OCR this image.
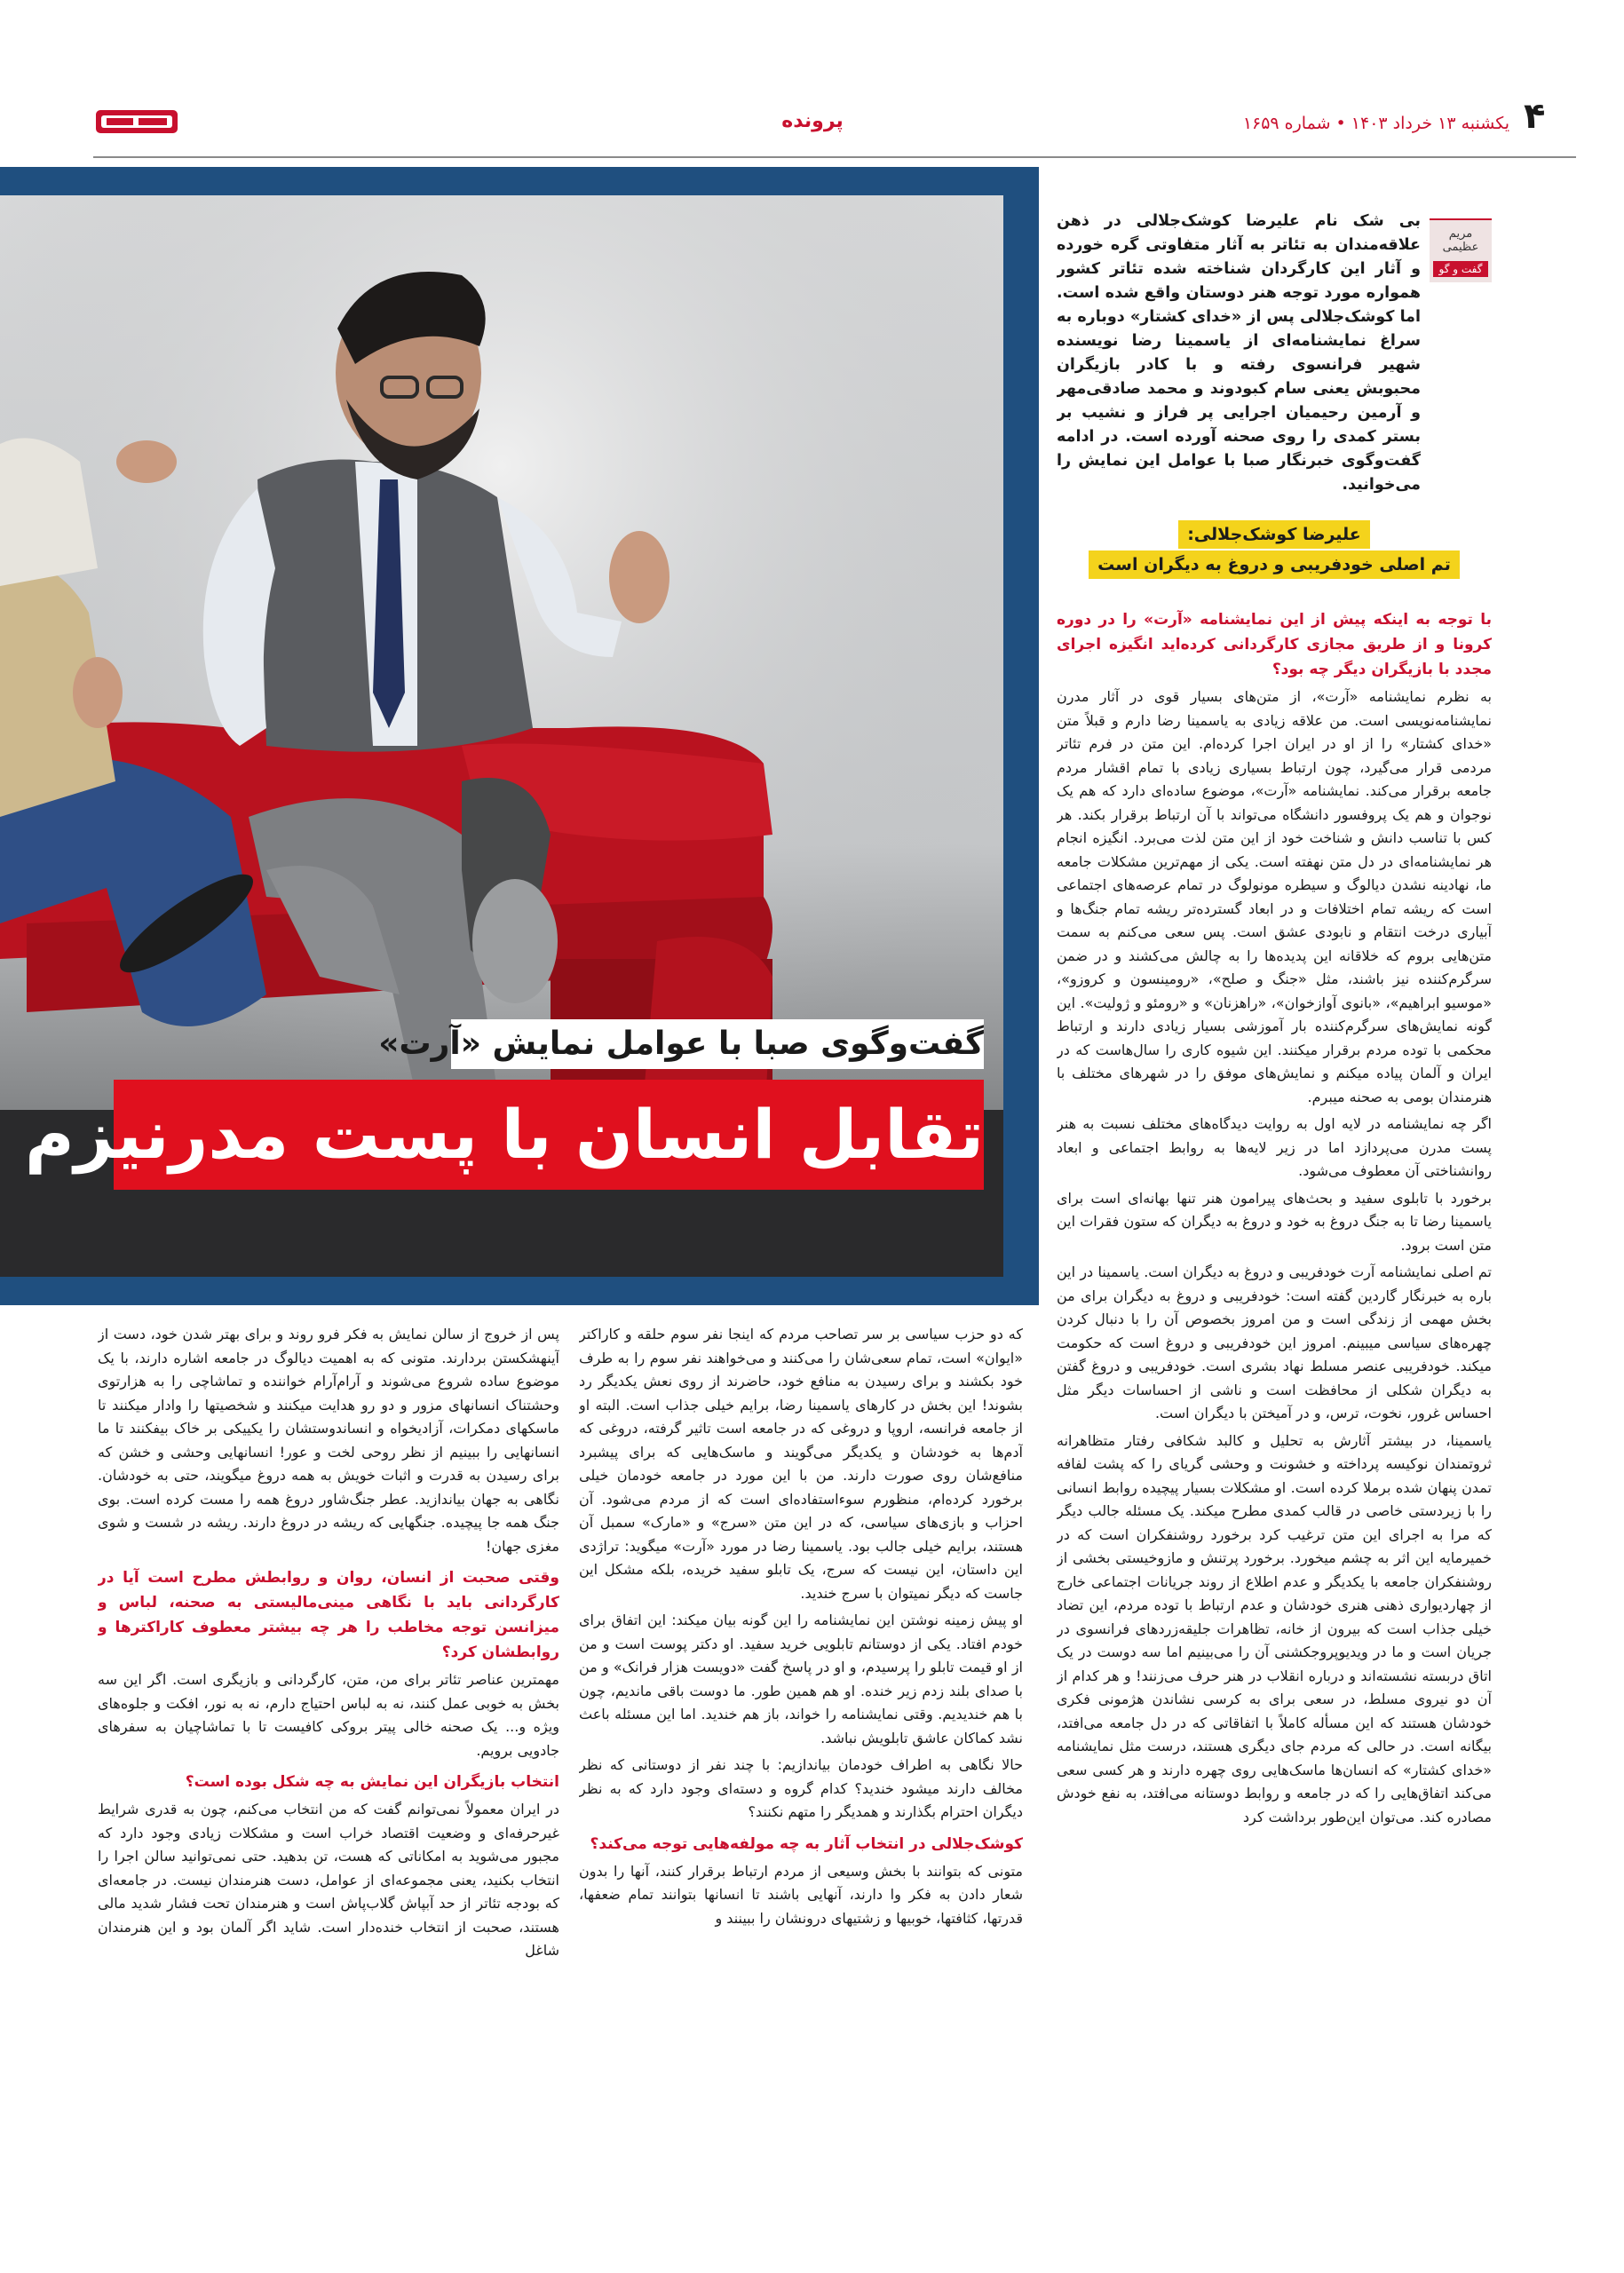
۴
یکشنبه ۱۳ خرداد ۱۴۰۳ • شماره ۱۶۵۹
پرونده
گفت‌وگوی صبا با عوامل نمایش «آرت»
تقابل انسان با پست مدرنیزم
مریم عظیمی
گفت و گو
بی شک نام علیرضا کوشک‌جلالی در ذهن علاقه‌مندان به تئاتر به آثار متفاوتی گره خورده و آثار این کارگردان شناخته شده تئاتر کشور همواره مورد توجه هنر دوستان واقع شده است. اما کوشک‌جلالی پس از «خدای کشتار» دوباره به سراغ نمایشنامه‌ای از یاسمینا رضا نویسنده شهیر فرانسوی رفته و با کادر بازیگران محبوبش یعنی سام کبودوند و محمد صادقی‌مهر و آرمین رحیمیان اجرایی پر فراز و نشیب بر بستر کمدی را روی صحنه آورده است. در ادامه گفت‌وگوی خبرنگار صبا با عوامل این نمایش را می‌خوانید.
علیرضا کوشک‌جلالی:
تم اصلی خودفریبی و دروغ به دیگران است
با توجه به اینکه پیش از این نمایشنامه «آرت» را در دوره کرونا و از طریق مجازی کارگردانی کرده‌اید انگیزه اجرای مجدد با بازیگران دیگر چه بود؟

به نظرم نمایشنامه «آرت»، از متن‌های بسیار قوی در آثار مدرن نمایشنامه‌نویسی است. من علاقه زیادی به یاسمینا رضا دارم و قبلاً متن «خدای کشتار» را از او در ایران اجرا کرده‌ام. این متن در فرم تئاتر مردمی قرار می‌گیرد، چون ارتباط بسیاری زیادی با تمام اقشار مردم جامعه برقرار می‌کند. نمایشنامه «آرت»، موضوع ساده‌ای دارد که هم یک نوجوان و هم یک پروفسور دانشگاه می‌تواند با آن ارتباط برقرار بکند. هر کس با تناسب دانش و شناخت خود از این متن لذت می‌برد. انگیزه انجام هر نمایشنامه‌ای در دل متن نهفته است. یکی از مهم‌ترین مشکلات جامعه ما، نهادینه نشدن دیالوگ و سیطره مونولوگ در تمام عرصه‌های اجتماعی است که ریشه تمام اختلافات و در ابعاد گسترده‌تر ریشه تمام جنگ‌ها و آبیاری درخت انتقام و نابودی عشق است. پس سعی می‌کنم به سمت متن‌هایی بروم که خلاقانه این پدیده‌ها را به چالش می‌کشند و در ضمن سرگرم‌کننده نیز باشند، مثل «جنگ و صلح»، «رومینسون و کروزو»، «موسیو ابراهیم»، «بانوی آوازخوان»، «راهزنان» و «رومئو و ژولیت». این گونه نمایش‌های سرگرم‌کننده بار آموزشی بسیار زیادی دارند و ارتباط محکمی با توده مردم برقرار میکنند. این شیوه کاری را سال‌هاست که در ایران و آلمان پیاده میکنم و نمایش‌های موفق را در شهرهای مختلف با هنرمندان بومی به صحنه میبرم.

اگر چه نمایشنامه در لایه اول به روایت دیدگاه‌های مختلف نسبت به هنر پست مدرن می‌پردازد اما در زیر لایه‌ها به روابط اجتماعی و ابعاد روانشناختی آن معطوف می‌شود.

برخورد با تابلوی سفید و بحث‌های پیرامون هنر تنها بهانه‌ای است برای یاسمینا رضا تا به جنگ دروغ به خود و دروغ به دیگران که ستون فقرات این متن است برود.

تم اصلی نمایشنامه آرت خودفریبی و دروغ به دیگران است. یاسمینا در این باره به خبرنگار گاردین گفته است: خودفریبی و دروغ به دیگران برای من بخش مهمی از زندگی است و من امروز بخصوص آن را با دنبال کردن چهره‌های سیاسی میبینم. امروز این خودفریبی و دروغ است که حکومت میکند. خودفریبی عنصر مسلط نهاد بشری است. خودفریبی و دروغ گفتن به دیگران شکلی از محافظت است و ناشی از احساسات دیگر مثل احساس غرور، نخوت، ترس، و در آمیختن با دیگران است.

یاسمینا، در بیشتر آثارش به تحلیل و کالبد شکافی رفتار متظاهرانه ثروتمندان نوکیسه پرداخته و خشونت و وحشی گریای را که پشت لفافه تمدن پنهان شده برملا کرده است. او مشکلات بسیار پیچیده روابط انسانی را با زیردستی خاصی در قالب کمدی مطرح میکند. یک مسئله جالب دیگر که مرا به اجرای این متن ترغیب کرد برخورد روشنفکران است که در خمیرمایه این اثر به چشم میخورد. برخورد پرتنش و مازوخیستی بخشی از روشنفکران جامعه با یکدیگر و عدم اطلاع از روند جریانات اجتماعی خارج از چهاردیواری ذهنی هنری خودشان و عدم ارتباط با توده مردم، این تضاد خیلی جذاب است که بیرون از خانه، تظاهرات جلیقه‌زردهای فرانسوی در جریان است و ما در ویدیوپروجکشنی آن را می‌بینیم اما سه دوست در یک اتاق دربسته نشسته‌اند و درباره انقلاب در هنر حرف می‌زنند! و هر کدام از آن دو نیروی مسلط، در سعی برای به کرسی نشاندن هژمونی فکری خودشان هستند که این مسأله کاملاً با اتفاقاتی که در دل جامعه می‌افتد، بیگانه است. در حالی که مردم جای دیگری هستند، درست مثل نمایشنامه «خدای کشتار» که انسان‌ها ماسک‌هایی روی چهره دارند و هر کسی سعی می‌کند اتفاق‌هایی را که در جامعه و روابط دوستانه می‌افتد، به نفع خودش مصادره کند. می‌توان این‌طور برداشت کرد

که دو حزب سیاسی بر سر تصاحب مردم که اینجا نفر سوم حلقه و کاراکتر «ایوان» است، تمام سعی‌شان را می‌کنند و می‌خواهند نفر سوم را به طرف خود بکشند و برای رسیدن به منافع خود، حاضرند از روی نعش یکدیگر رد بشوند! این بخش در کارهای یاسمینا رضا، برایم خیلی جذاب است. البته او از جامعه فرانسه، اروپا و دروغی که در جامعه است تاثیر گرفته، دروغی که آدم‌ها به خودشان و یکدیگر می‌گویند و ماسک‌هایی که برای پیشبرد منافع‌شان روی صورت دارند. من با این مورد در جامعه خودمان خیلی برخورد کرده‌ام، منظورم سوءاستفاده‌ای است که از مردم می‌شود. آن احزاب و بازی‌های سیاسی، که در این متن «سرج» و «مارک» سمبل آن هستند، برایم خیلی جالب بود. یاسمینا رضا در مورد «آرت» میگوید: تراژدی این داستان، این نیست که سرج، یک تابلو سفید خریده، بلکه مشکل این جاست که دیگر نمیتوان با سرج خندید.

او پیش زمینه نوشتن این نمایشنامه را این گونه بیان میکند: این اتفاق برای خودم افتاد. یکی از دوستانم تابلویی خرید سفید. او دکتر پوست است و من از او قیمت تابلو را پرسیدم، و او در پاسخ گفت «دویست هزار فرانک» و من با صدای بلند زدم زیر خنده. او هم همین طور. ما دوست باقی ماندیم، چون با هم خندیدیم. وقتی نمایشنامه را خواند، باز هم خندید. اما این مسئله باعث نشد کماکان عاشق تابلویش نباشد.

حالا نگاهی به اطراف خودمان بیاندازیم: با چند نفر از دوستانی که نظر مخالف دارند میشود خندید؟ کدام گروه و دسته‌ای وجود دارد که به نظر دیگران احترام بگذارند و همدیگر را متهم نکنند؟

کوشک‌جلالی در انتخاب آثار به چه مولفه‌هایی توجه می‌کند؟

متونی که بتوانند با بخش وسیعی از مردم ارتباط برقرار کنند، آنها را بدون شعار دادن به فکر وا دارند، آنهایی باشند تا انسانها بتوانند تمام ضعفها، قدرتها، کثافتها، خوبیها و زشتیهای درونشان را ببینند و

پس از خروج از سالن نمایش به فکر فرو روند و برای بهتر شدن خود، دست از آینهشکستن بردارند. متونی که به اهمیت دیالوگ در جامعه اشاره دارند، با یک موضوع ساده شروع می‌شوند و آرام‌آرام خواننده و تماشاچی را به هزارتوی وحشتناک انسانهای مزور و دو رو هدایت میکنند و شخصیتها را وادار میکنند تا ماسکهای دمکرات، آزادیخواه و انساندوستشان را یکییکی بر خاک بیفکنند تا ما انسانهایی را ببینیم از نظر روحی لخت و عور! انسانهایی وحشی و خشن که برای رسیدن به قدرت و اثبات خویش به همه دروغ میگویند، حتی به خودشان. نگاهی به جهان بیاندازید. عطر جنگ‌شاور دروغ همه را مست کرده است. بوی جنگ همه جا پیچیده. جنگهایی که ریشه در دروغ دارند. ریشه در شست و شوی مغزی جهان!

وقتی صحبت از انسان، روان و روابطش مطرح است آیا در کارگردانی باید با نگاهی مینی‌مالیستی به صحنه، لباس و میزانسن توجه مخاطب را هر چه بیشتر معطوف کاراکترها و روابطشان کرد؟

مهمترین عناصر تئاتر برای من، متن، کارگردانی و بازیگری است. اگر این سه بخش به خوبی عمل کنند، نه به لباس احتیاج دارم، نه به نور، افکت و جلوه‌های ویژه و... یک صحنه خالی پیتر بروکی کافیست تا با تماشاچیان به سفرهای جادویی برویم.

انتخاب بازیگران این نمایش به چه شکل بوده است؟

در ایران معمولاً نمی‌توانم گفت که من انتخاب می‌کنم، چون به قدری شرایط غیرحرفه‌ای و وضعیت اقتصاد خراب است و مشکلات زیادی وجود دارد که مجبور می‌شوید به امکاناتی که هست، تن بدهید. حتی نمی‌توانید سالن اجرا را انتخاب بکنید، یعنی مجموعه‌ای از عوامل، دست هنرمندان نیست. در جامعه‌ای که بودجه تئاتر از حد آبپاش گلاب‌پاش است و هنرمندان تحت فشار شدید مالی هستند، صحبت از انتخاب خنده‌دار است. شاید اگر آلمان بود و این هنرمندان شاغل
